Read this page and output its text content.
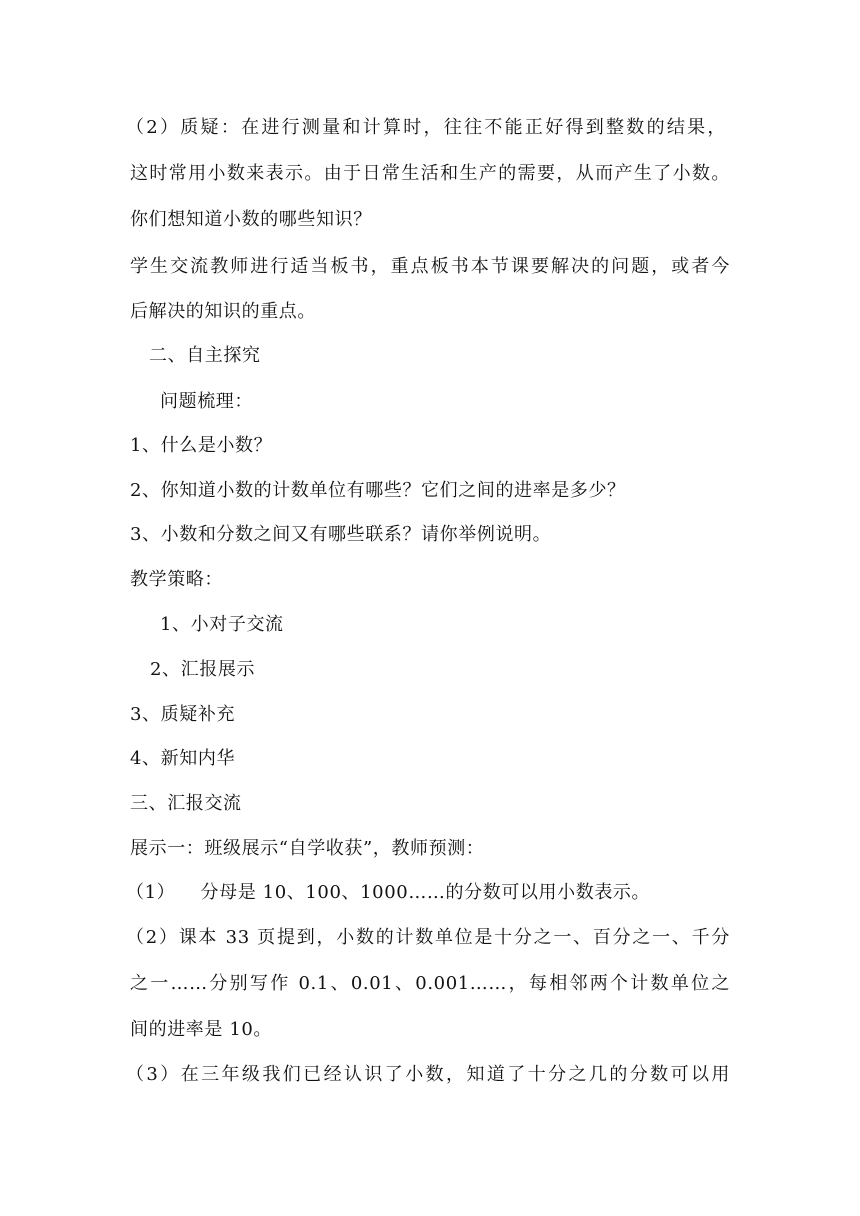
（2）质疑：在进行测量和计算时，往往不能正好得到整数的结果，
这时常用小数来表示。由于日常生活和生产的需要，从而产生了小数。
你们想知道小数的哪些知识？
学生交流教师进行适当板书，重点板书本节课要解决的问题，或者今
后解决的知识的重点。
二、自主探究
问题梳理：
1、什么是小数？
2、你知道小数的计数单位有哪些？它们之间的进率是多少？
3、小数和分数之间又有哪些联系？请你举例说明。
教学策略：
1、小对子交流
2、汇报展示
3、质疑补充
4、新知内华
三、汇报交流
展示一：班级展示“自学收获”，教师预测：
（1）    分母是 10、100、1000……的分数可以用小数表示。
（2）课本 33 页提到，小数的计数单位是十分之一、百分之一、千分
之一……分别写作 0.1、0.01、0.001……，每相邻两个计数单位之
间的进率是 10。
（3）在三年级我们已经认识了小数，知道了十分之几的分数可以用
